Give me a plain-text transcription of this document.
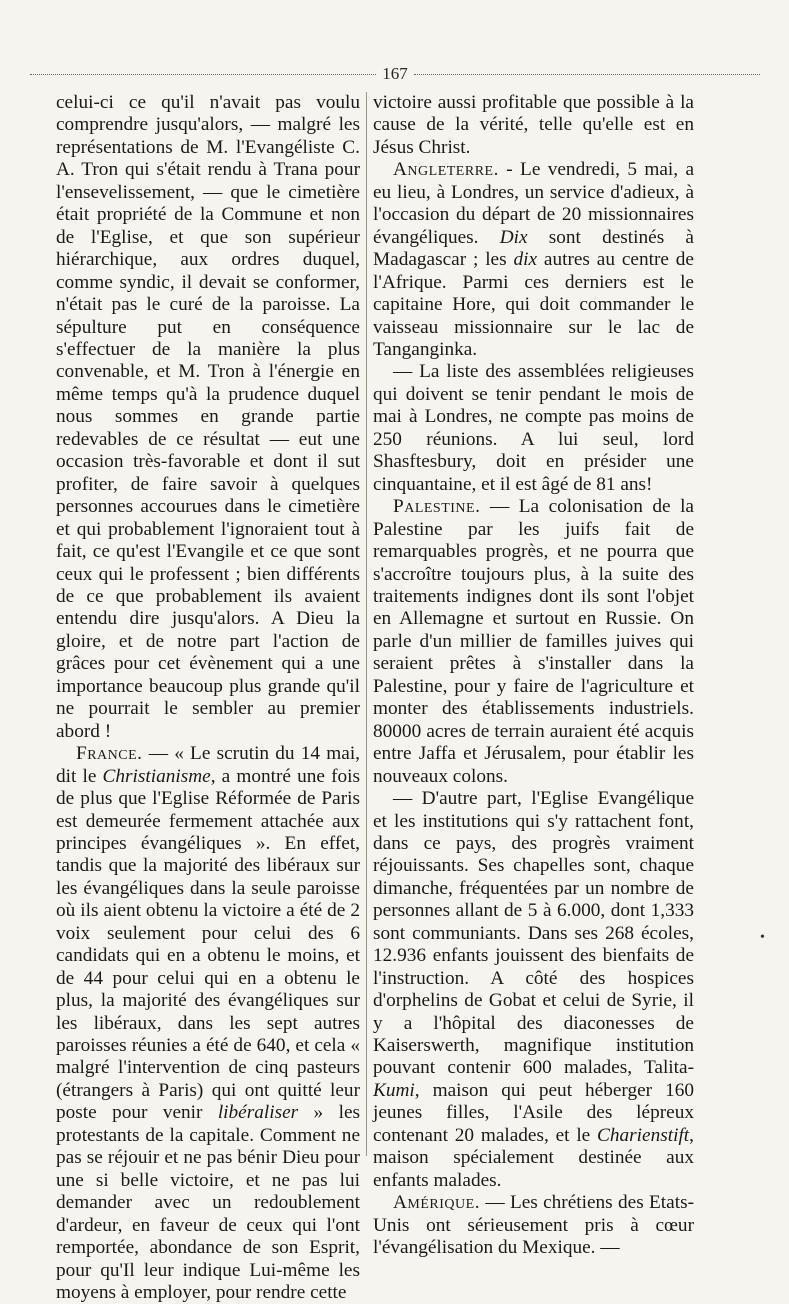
167

celui-ci ce qu'il n'avait pas voulu comprendre jusqu'alors, — malgré les représentations de M. l'Evangéliste C. A. Tron qui s'était rendu à Trana pour l'ensevelissement, — que le cimetière était propriété de la Commune et non de l'Eglise, et que son supérieur hiérarchique, aux ordres duquel, comme syndic, il devait se conformer, n'était pas le curé de la paroisse. La sépulture put en conséquence s'effectuer de la manière la plus convenable, et M. Tron à l'énergie en même temps qu'à la prudence duquel nous sommes en grande partie redevables de ce résultat — eut une occasion très-favorable et dont il sut profiter, de faire savoir à quelques personnes accourues dans le cimetière et qui probablement l'ignoraient tout à fait, ce qu'est l'Evangile et ce que sont ceux qui le professent ; bien différents de ce que probablement ils avaient entendu dire jusqu'alors. A Dieu la gloire, et de notre part l'action de grâces pour cet évènement qui a une importance beaucoup plus grande qu'il ne pourrait le sembler au premier abord !

France. — « Le scrutin du 14 mai, dit le Christianisme, a montré une fois de plus que l'Eglise Réformée de Paris est demeurée fermement attachée aux principes évangéliques ». En effet, tandis que la majorité des libéraux sur les évangéliques dans la seule paroisse où ils aient obtenu la victoire a été de 2 voix seulement pour celui des 6 candidats qui en a obtenu le moins, et de 44 pour celui qui en a obtenu le plus, la majorité des évangéliques sur les libéraux, dans les sept autres paroisses réunies a été de 640, et cela « malgré l'intervention de cinq pasteurs (étrangers à Paris) qui ont quitté leur poste pour venir libéraliser » les protestants de la capitale. Comment ne pas se réjouir et ne pas bénir Dieu pour une si belle victoire, et ne pas lui demander avec un redoublement d'ardeur, en faveur de ceux qui l'ont remportée, abondance de son Esprit, pour qu'Il leur indique Lui-même les moyens à employer, pour rendre cette

victoire aussi profitable que possible à la cause de la vérité, telle qu'elle est en Jésus Christ.

Angleterre. - Le vendredi, 5 mai, a eu lieu, à Londres, un service d'adieux, à l'occasion du départ de 20 missionnaires évangéliques. Dix sont destinés à Madagascar ; les dix autres au centre de l'Afrique. Parmi ces derniers est le capitaine Hore, qui doit commander le vaisseau missionnaire sur le lac de Tanganginka.

— La liste des assemblées religieuses qui doivent se tenir pendant le mois de mai à Londres, ne compte pas moins de 250 réunions. A lui seul, lord Shasftesbury, doit en présider une cinquantaine, et il est âgé de 81 ans!

Palestine. — La colonisation de la Palestine par les juifs fait de remarquables progrès, et ne pourra que s'accroître toujours plus, à la suite des traitements indignes dont ils sont l'objet en Allemagne et surtout en Russie. On parle d'un millier de familles juives qui seraient prêtes à s'installer dans la Palestine, pour y faire de l'agriculture et monter des établissements industriels. 80000 acres de terrain auraient été acquis entre Jaffa et Jérusalem, pour établir les nouveaux colons.

— D'autre part, l'Eglise Evangélique et les institutions qui s'y rattachent font, dans ce pays, des progrès vraiment réjouissants. Ses chapelles sont, chaque dimanche, fréquentées par un nombre de personnes allant de 5 à 6.000, dont 1,333 sont communiants. Dans ses 268 écoles, 12.936 enfants jouissent des bienfaits de l'instruction. A côté des hospices d'orphelins de Gobat et celui de Syrie, il y a l'hôpital des diaconesses de Kaiserswerth, magnifique institution pouvant contenir 600 malades, Talita-Kumi, maison qui peut héberger 160 jeunes filles, l'Asile des lépreux contenant 20 malades, et le Charienstift, maison spécialement destinée aux enfants malades.

Amérique. — Les chrétiens des Etats-Unis ont sérieusement pris à cœur l'évangélisation du Mexique. —

•
